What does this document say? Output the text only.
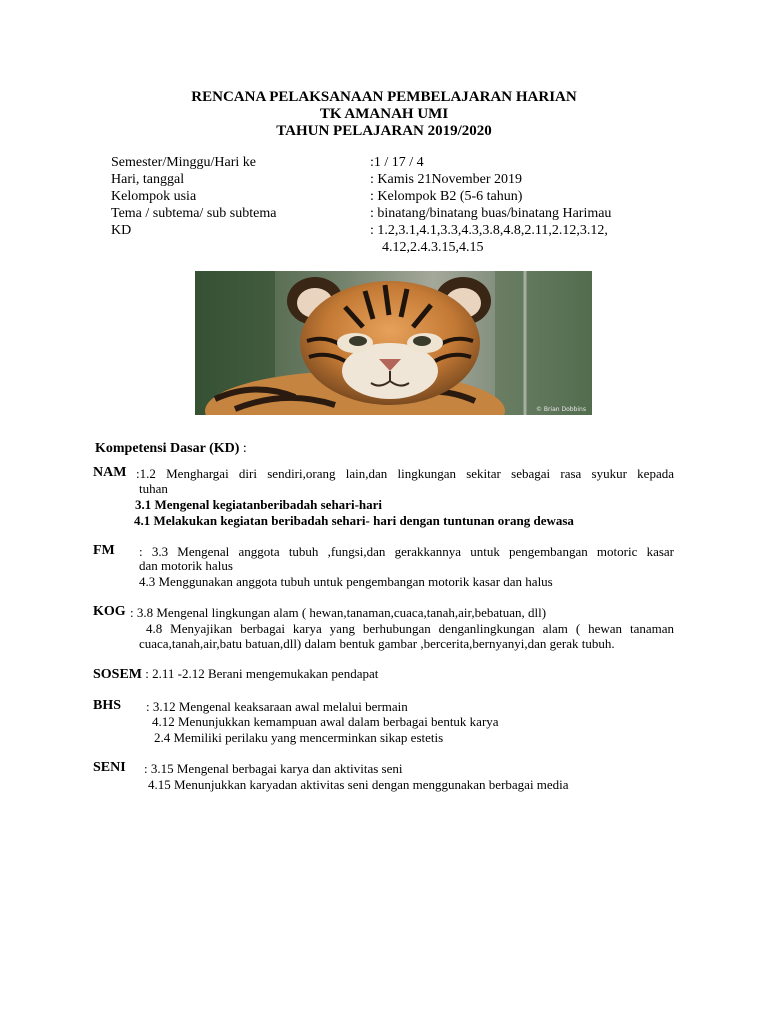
RENCANA PELAKSANAAN PEMBELAJARAN HARIAN
TK AMANAH UMI
TAHUN PELAJARAN 2019/2020
Semester/Minggu/Hari ke	:1 / 17 / 4
Hari, tanggal	: Kamis 21November 2019
Kelompok usia	: Kelompok B2 (5-6 tahun)
Tema / subtema/ sub subtema	: binatang/binatang buas/binatang Harimau
KD	: 1.2,3.1,4.1,3.3,4.3,3.8,4.8,2.11,2.12,3.12,
4.12,2.4.3.15,4.15
© Brian Dobbins
Kompetensi Dasar (KD) :
NAM :1.2 Menghargai diri sendiri,orang lain,dan lingkungan sekitar sebagai rasa syukur kepada
tuhan
3.1 Mengenal kegiatanberibadah sehari-hari
4.1 Melakukan kegiatan beribadah sehari- hari dengan tuntunan orang dewasa
FM : 3.3 Mengenal anggota tubuh ,fungsi,dan gerakkannya untuk pengembangan motoric kasar
dan motorik halus
4.3 Menggunakan anggota tubuh untuk pengembangan motorik kasar dan halus
KOG : 3.8 Mengenal lingkungan alam ( hewan,tanaman,cuaca,tanah,air,bebatuan, dll)
4.8 Menyajikan berbagai karya yang berhubungan denganlingkungan alam ( hewan tanaman
cuaca,tanah,air,batu batuan,dll) dalam bentuk gambar ,bercerita,bernyanyi,dan gerak tubuh.
SOSEM : 2.11 -2.12 Berani mengemukakan pendapat
BHS : 3.12 Mengenal keaksaraan awal melalui bermain
4.12 Menunjukkan kemampuan awal dalam berbagai bentuk karya
2.4 Memiliki perilaku yang mencerminkan sikap estetis
SENI : 3.15 Mengenal berbagai karya dan aktivitas seni
4.15 Menunjukkan karyadan aktivitas seni dengan menggunakan berbagai media
